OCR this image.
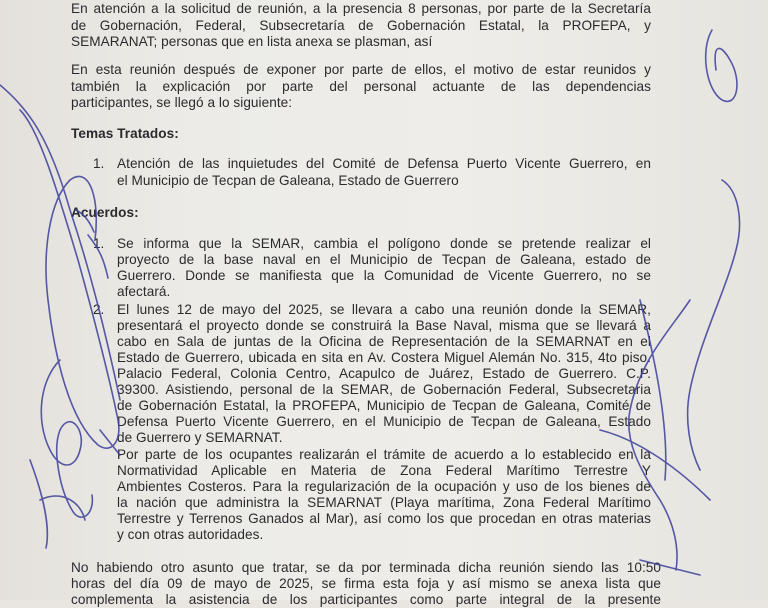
En atención a la solicitud de reunión, a la presencia 8 personas, por parte de la Secretaría
de Gobernación, Federal, Subsecretaría de Gobernación Estatal, la PROFEPA, y
SEMARANAT; personas que en lista anexa se plasman, así
En esta reunión después de exponer por parte de ellos, el motivo de estar reunidos y
también la explicación por parte del personal actuante de las dependencias
participantes, se llegó a lo siguiente:
Temas Tratados:
1. Atención de las inquietudes del Comité de Defensa Puerto Vicente Guerrero, en
el Municipio de Tecpan de Galeana, Estado de Guerrero
Acuerdos:
1. Se informa que la SEMAR, cambia el polígono donde se pretende realizar el
proyecto de la base naval en el Municipio de Tecpan de Galeana, estado de
Guerrero. Donde se manifiesta que la Comunidad de Vicente Guerrero, no se
afectará.
2. El lunes 12 de mayo del 2025, se llevara a cabo una reunión donde la SEMAR,
presentará el proyecto donde se construirá la Base Naval, misma que se llevará a
cabo en Sala de juntas de la Oficina de Representación de la SEMARNAT en el
Estado de Guerrero, ubicada en sita en Av. Costera Miguel Alemán No. 315, 4to piso.
Palacio Federal, Colonia Centro, Acapulco de Juárez, Estado de Guerrero. C.P.
39300. Asistiendo, personal de la SEMAR, de Gobernación Federal, Subsecretaria
de Gobernación Estatal, la PROFEPA, Municipio de Tecpan de Galeana, Comité de
Defensa Puerto Vicente Guerrero, en el Municipio de Tecpan de Galeana, Estado
de Guerrero y SEMARNAT.
Por parte de los ocupantes realizarán el trámite de acuerdo a lo establecido en la
Normatividad Aplicable en Materia de Zona Federal Marítimo Terrestre Y
Ambientes Costeros. Para la regularización de la ocupación y uso de los bienes de
la nación que administra la SEMARNAT (Playa marítima, Zona Federal Marítimo
Terrestre y Terrenos Ganados al Mar), así como los que procedan en otras materias
y con otras autoridades.
No habiendo otro asunto que tratar, se da por terminada dicha reunión siendo las 10:50
horas del día 09 de mayo de 2025, se firma esta foja y así mismo se anexa lista que
complementa la asistencia de los participantes como parte integral de la presente
